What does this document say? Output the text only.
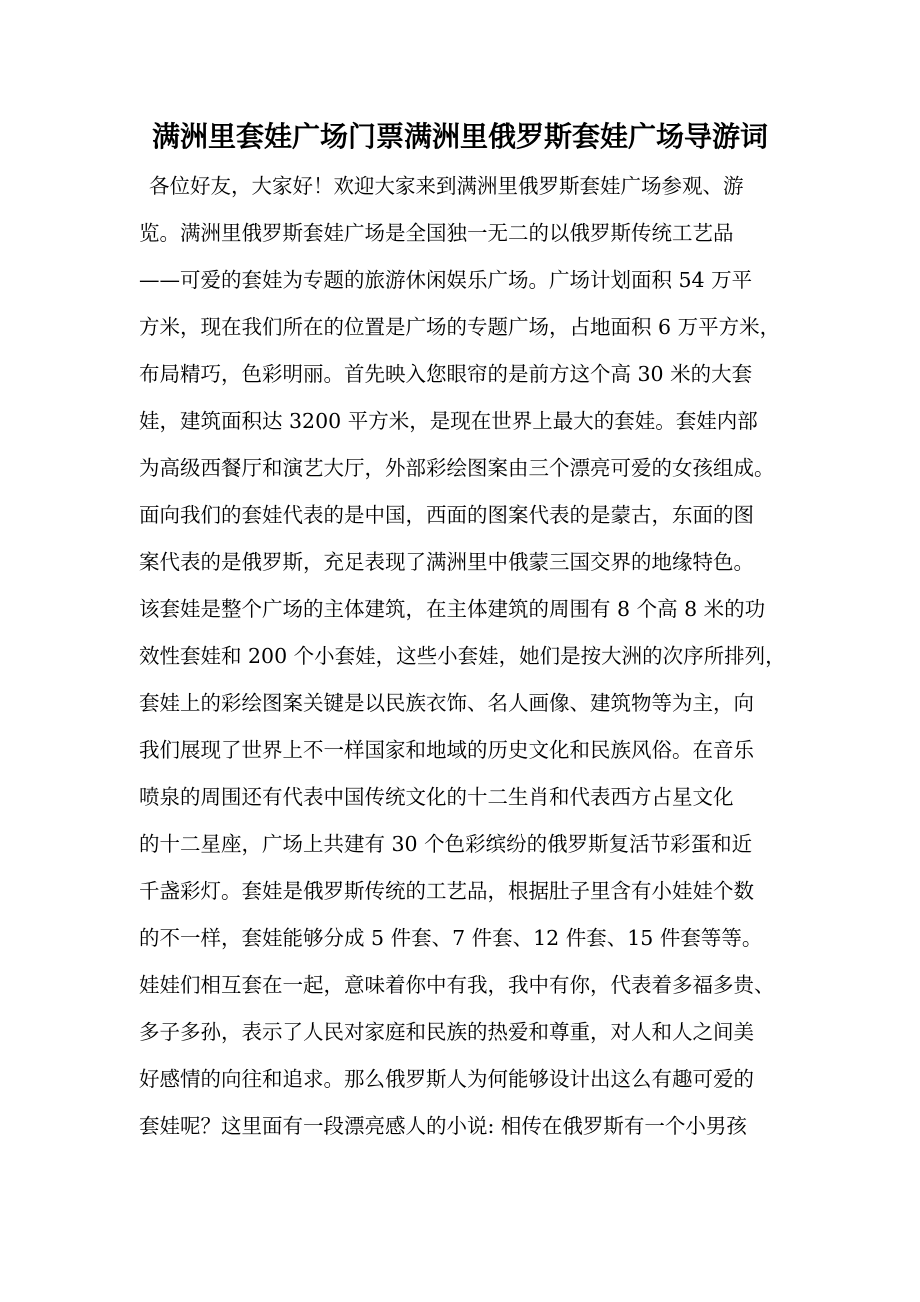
满洲里套娃广场门票满洲里俄罗斯套娃广场导游词
各位好友，大家好！欢迎大家来到满洲里俄罗斯套娃广场参观、游
览。满洲里俄罗斯套娃广场是全国独一无二的以俄罗斯传统工艺品
——可爱的套娃为专题的旅游休闲娱乐广场。广场计划面积 54 万平
方米，现在我们所在的位置是广场的专题广场，占地面积 6 万平方米，
布局精巧，色彩明丽。首先映入您眼帘的是前方这个高 30 米的大套
娃，建筑面积达 3200 平方米，是现在世界上最大的套娃。套娃内部
为高级西餐厅和演艺大厅，外部彩绘图案由三个漂亮可爱的女孩组成。
面向我们的套娃代表的是中国，西面的图案代表的是蒙古，东面的图
案代表的是俄罗斯，充足表现了满洲里中俄蒙三国交界的地缘特色。
该套娃是整个广场的主体建筑，在主体建筑的周围有 8 个高 8 米的功
效性套娃和 200 个小套娃，这些小套娃，她们是按大洲的次序所排列，
套娃上的彩绘图案关键是以民族衣饰、名人画像、建筑物等为主，向
我们展现了世界上不一样国家和地域的历史文化和民族风俗。在音乐
喷泉的周围还有代表中国传统文化的十二生肖和代表西方占星文化
的十二星座，广场上共建有 30 个色彩缤纷的俄罗斯复活节彩蛋和近
千盏彩灯。套娃是俄罗斯传统的工艺品，根据肚子里含有小娃娃个数
的不一样，套娃能够分成 5 件套、7 件套、12 件套、15 件套等等。
娃娃们相互套在一起，意味着你中有我，我中有你，代表着多福多贵、
多子多孙，表示了人民对家庭和民族的热爱和尊重，对人和人之间美
好感情的向往和追求。那么俄罗斯人为何能够设计出这么有趣可爱的
套娃呢？这里面有一段漂亮感人的小说: 相传在俄罗斯有一个小男孩
